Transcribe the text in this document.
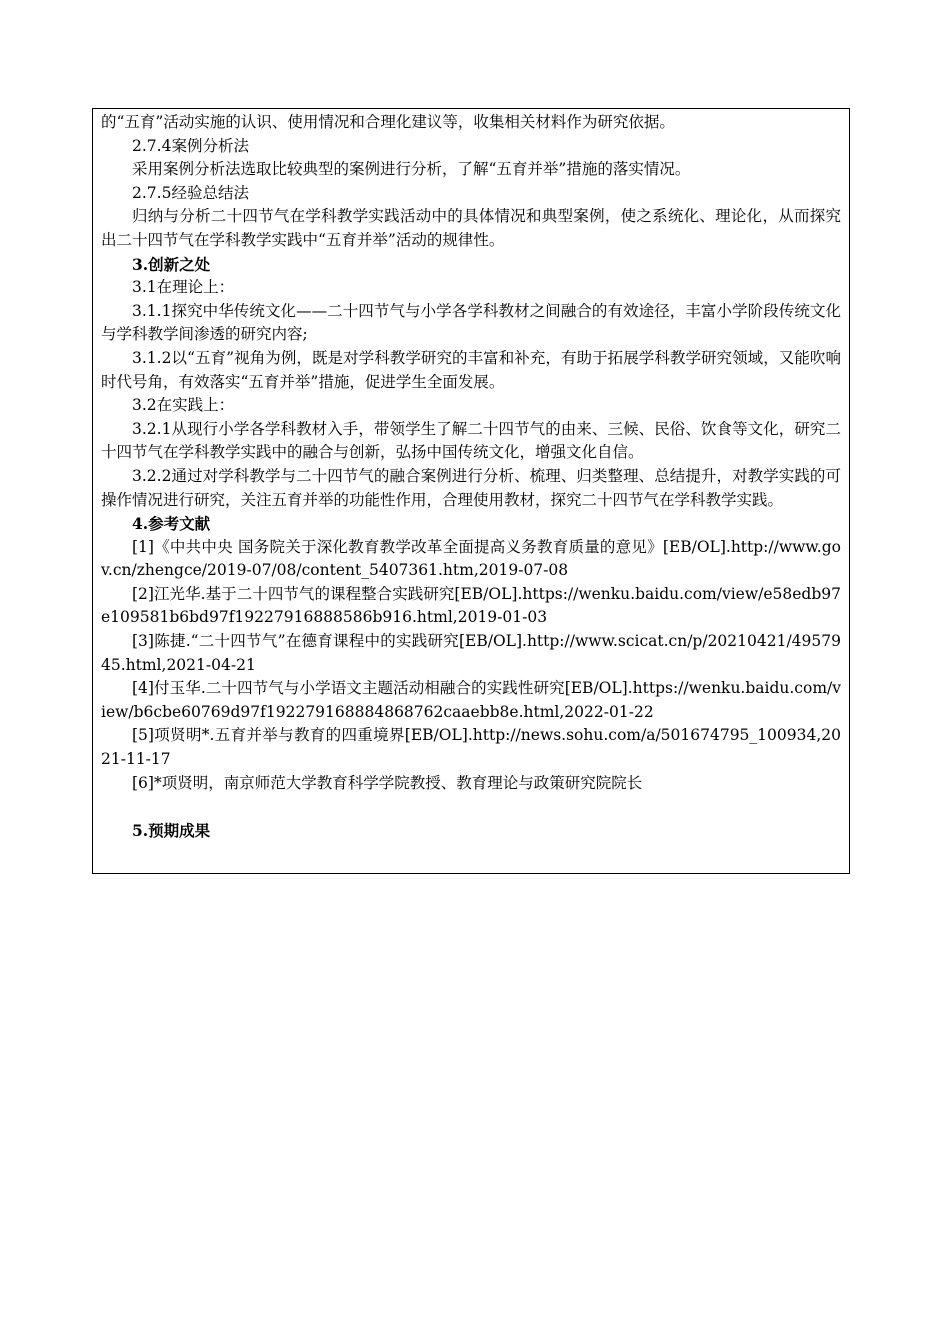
的“五育”活动实施的认识、使用情况和合理化建议等，收集相关材料作为研究依据。

2.7.4案例分析法

采用案例分析法选取比较典型的案例进行分析，了解“五育并举”措施的落实情况。

2.7.5经验总结法

归纳与分析二十四节气在学科教学实践活动中的具体情况和典型案例，使之系统化、理论化，从而探究出二十四节气在学科教学实践中“五育并举”活动的规律性。

3.创新之处

3.1在理论上：

3.1.1探究中华传统文化——二十四节气与小学各学科教材之间融合的有效途径，丰富小学阶段传统文化与学科教学间渗透的研究内容;

3.1.2以“五育”视角为例，既是对学科教学研究的丰富和补充，有助于拓展学科教学研究领域，又能吹响时代号角，有效落实“五育并举”措施，促进学生全面发展。

3.2在实践上：

3.2.1从现行小学各学科教材入手，带领学生了解二十四节气的由来、三候、民俗、饮食等文化，研究二十四节气在学科教学实践中的融合与创新，弘扬中国传统文化，增强文化自信。

3.2.2通过对学科教学与二十四节气的融合案例进行分析、梳理、归类整理、总结提升，对教学实践的可操作情况进行研究，关注五育并举的功能性作用，合理使用教材，探究二十四节气在学科教学实践。

4.参考文献

[1]《中共中央 国务院关于深化教育教学改革全面提高义务教育质量的意见》[EB/OL].http://www.gov.cn/zhengce/2019-07/08/content_5407361.htm,2019-07-08

[2]江光华.基于二十四节气的课程整合实践研究[EB/OL].https://wenku.baidu.com/view/e58edb97e109581b6bd97f19227916888586b916.html,2019-01-03

[3]陈捷.“二十四节气”在德育课程中的实践研究[EB/OL].http://www.scicat.cn/p/20210421/4957945.html,2021-04-21

[4]付玉华.二十四节气与小学语文主题活动相融合的实践性研究[EB/OL].https://wenku.baidu.com/view/b6cbe60769d97f192279168884868762caaebb8e.html,2022-01-22

[5]项贤明*.五育并举与教育的四重境界[EB/OL].http://news.sohu.com/a/501674795_100934,2021-11-17

[6]*项贤明，南京师范大学教育科学学院教授、教育理论与政策研究院院长

5.预期成果
